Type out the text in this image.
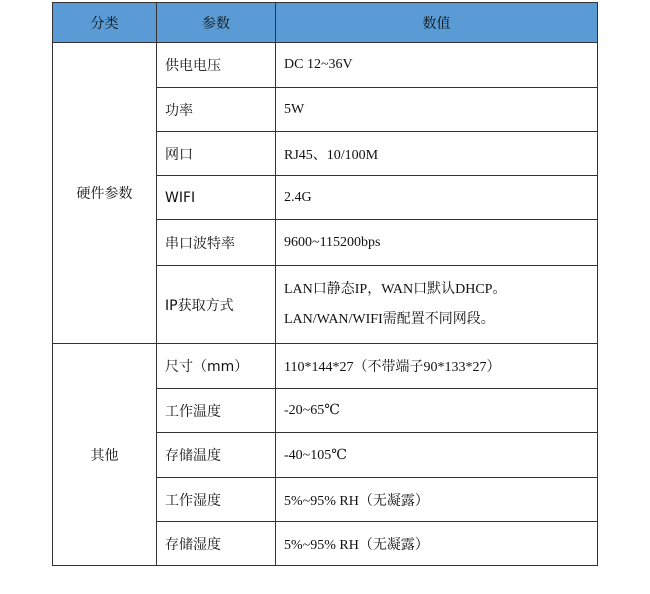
分类	参数	数值
硬件参数	供电电压	DC 12~36V
	功率	5W
	网口	RJ45、10/100M
	WIFI	2.4G
	串口波特率	9600~115200bps
	IP获取方式	LAN口静态IP，WAN口默认DHCP。
LAN/WAN/WIFI需配置不同网段。

其他	尺寸（mm）	110*144*27（不带端子90*133*27）
	工作温度	-20~65℃
	存储温度	-40~105℃
	工作湿度	5%~95% RH（无凝露）
	存储湿度	5%~95% RH（无凝露）
